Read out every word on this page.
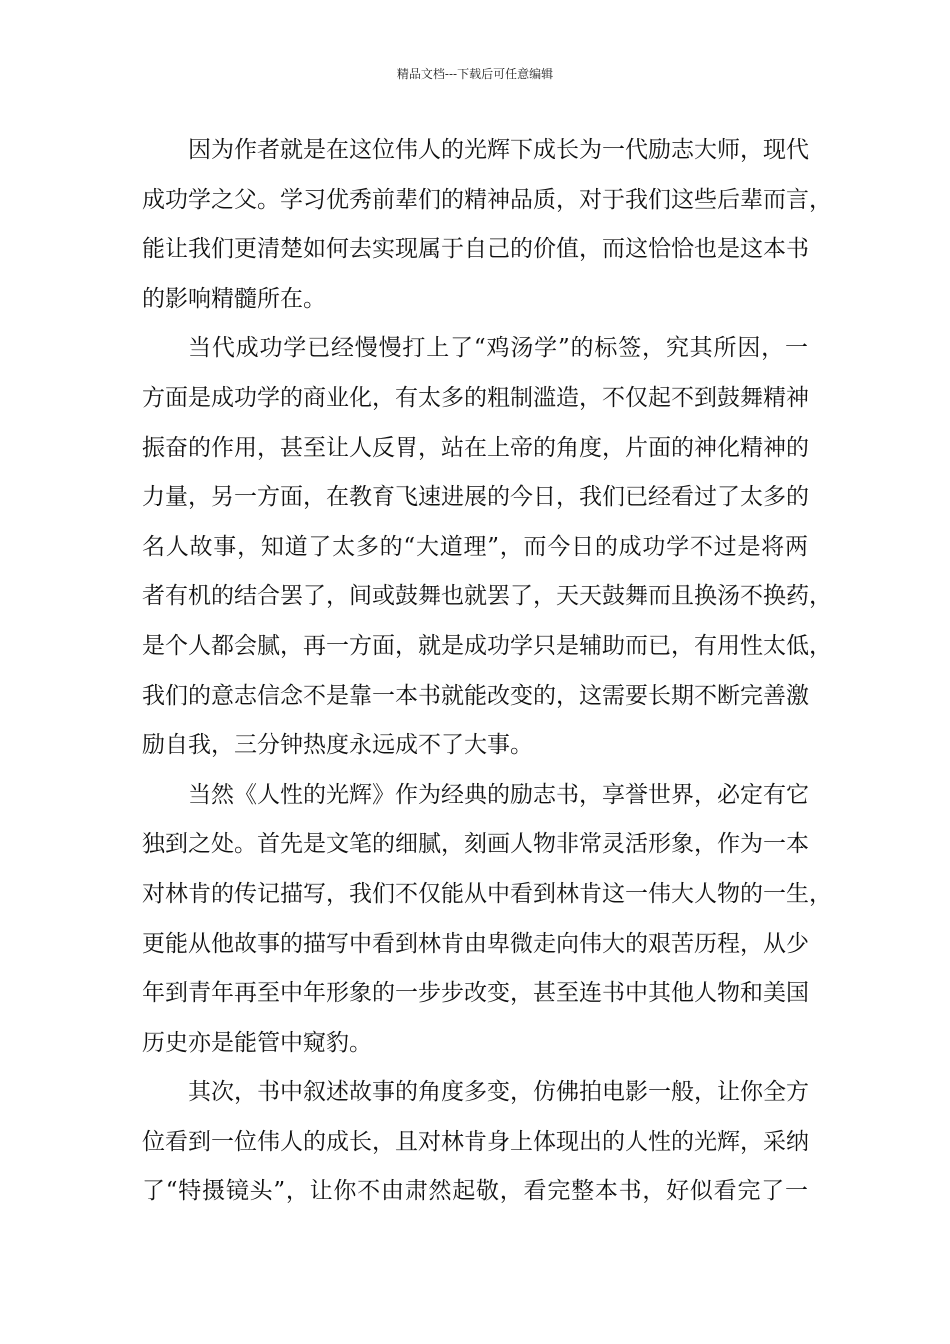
精品文档---下载后可任意编辑
因为作者就是在这位伟人的光辉下成长为一代励志大师，现代
成功学之父。学习优秀前辈们的精神品质，对于我们这些后辈而言，
能让我们更清楚如何去实现属于自己的价值，而这恰恰也是这本书
的影响精髓所在。
当代成功学已经慢慢打上了“鸡汤学”的标签，究其所因，一
方面是成功学的商业化，有太多的粗制滥造，不仅起不到鼓舞精神
振奋的作用，甚至让人反胃，站在上帝的角度，片面的神化精神的
力量，另一方面，在教育飞速进展的今日，我们已经看过了太多的
名人故事，知道了太多的“大道理”，而今日的成功学不过是将两
者有机的结合罢了，间或鼓舞也就罢了，天天鼓舞而且换汤不换药，
是个人都会腻，再一方面，就是成功学只是辅助而已，有用性太低，
我们的意志信念不是靠一本书就能改变的，这需要长期不断完善激
励自我，三分钟热度永远成不了大事。
当然《人性的光辉》作为经典的励志书，享誉世界，必定有它
独到之处。首先是文笔的细腻，刻画人物非常灵活形象，作为一本
对林肯的传记描写，我们不仅能从中看到林肯这一伟大人物的一生，
更能从他故事的描写中看到林肯由卑微走向伟大的艰苦历程，从少
年到青年再至中年形象的一步步改变，甚至连书中其他人物和美国
历史亦是能管中窥豹。
其次，书中叙述故事的角度多变，仿佛拍电影一般，让你全方
位看到一位伟人的成长，且对林肯身上体现出的人性的光辉，采纳
了“特摄镜头”，让你不由肃然起敬，看完整本书，好似看完了一
